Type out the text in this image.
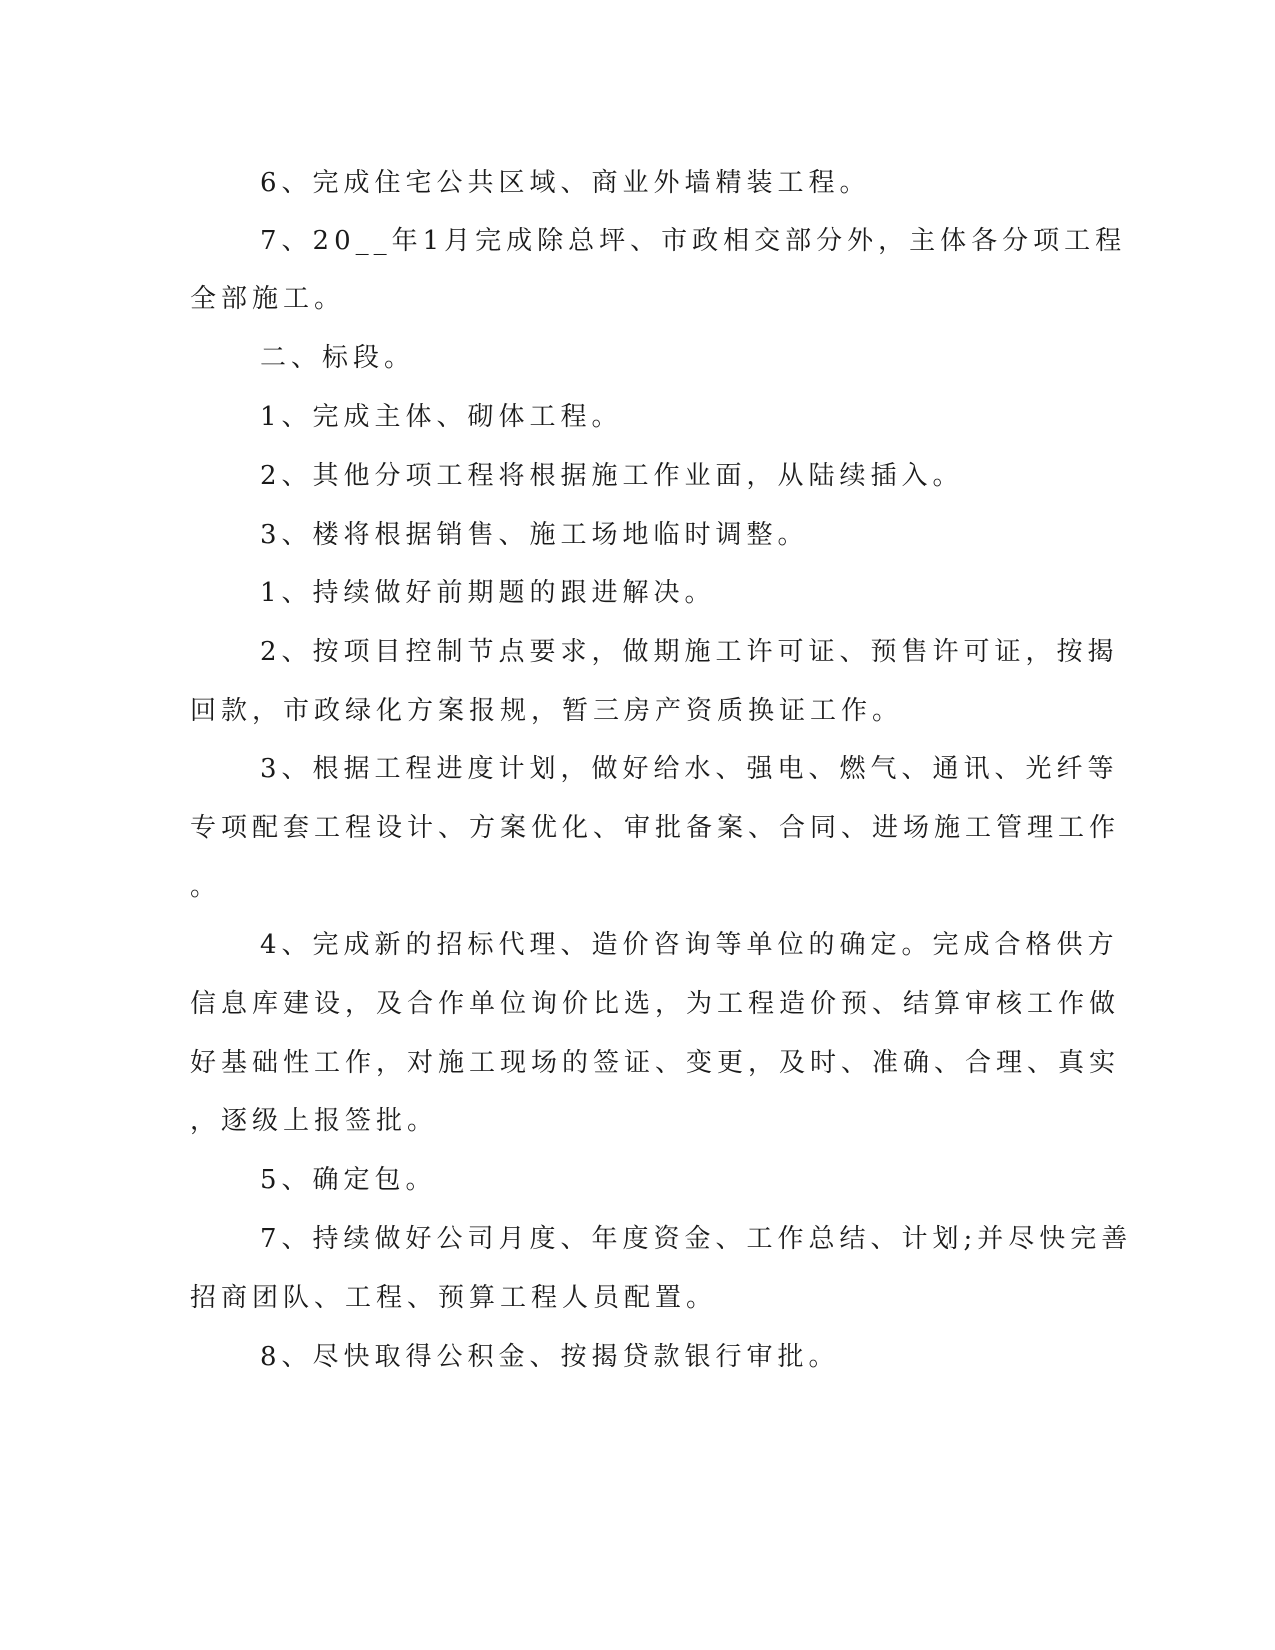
6、完成住宅公共区域、商业外墙精装工程。
7、20__年1月完成除总坪、市政相交部分外，主体各分项工程
全部施工。
二、标段。
1、完成主体、砌体工程。
2、其他分项工程将根据施工作业面，从陆续插入。
3、楼将根据销售、施工场地临时调整。
1、持续做好前期题的跟进解决。
2、按项目控制节点要求，做期施工许可证、预售许可证，按揭
回款，市政绿化方案报规，暂三房产资质换证工作。
3、根据工程进度计划，做好给水、强电、燃气、通讯、光纤等
专项配套工程设计、方案优化、审批备案、合同、进场施工管理工作
。
4、完成新的招标代理、造价咨询等单位的确定。完成合格供方
信息库建设，及合作单位询价比选，为工程造价预、结算审核工作做
好基础性工作，对施工现场的签证、变更，及时、准确、合理、真实
，逐级上报签批。
5、确定包。
7、持续做好公司月度、年度资金、工作总结、计划;并尽快完善
招商团队、工程、预算工程人员配置。
8、尽快取得公积金、按揭贷款银行审批。
